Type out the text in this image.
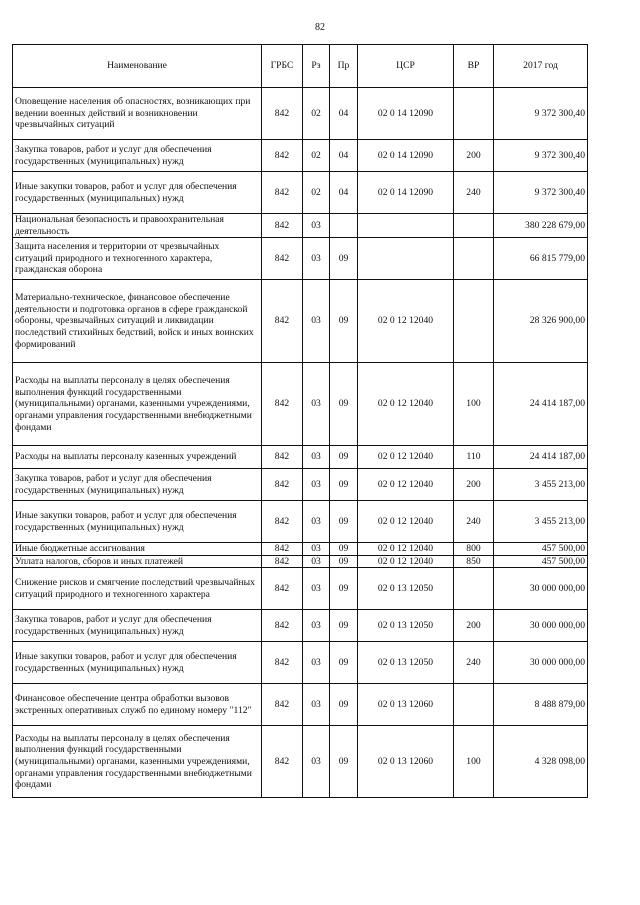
82
Наименование	ГРБС	Рз	Пр	ЦСР	ВР	2017 год
Оповещение населения об опасностях, возникающих при ведении военных действий и возникновении чрезвычайных ситуаций	842	02	04	02 0 14 12090		9 372 300,40
Закупка товаров, работ и услуг для обеспечения государственных (муниципальных) нужд	842	02	04	02 0 14 12090	200	9 372 300,40
Иные закупки товаров, работ и услуг для обеспечения государственных (муниципальных) нужд	842	02	04	02 0 14 12090	240	9 372 300,40
Национальная безопасность и правоохранительная деятельность	842	03				380 228 679,00
Защита населения и территории от чрезвычайных ситуаций природного и техногенного характера, гражданская оборона	842	03	09			66 815 779,00
Материально-техническое, финансовое обеспечение деятельности и подготовка органов в сфере гражданской обороны, чрезвычайных ситуаций и ликвидации последствий стихийных бедствий, войск и иных воинских формирований	842	03	09	02 0 12 12040		28 326 900,00
Расходы на выплаты персоналу в целях обеспечения выполнения функций государственными (муниципальными) органами, казенными учреждениями, органами управления государственными внебюджетными фондами	842	03	09	02 0 12 12040	100	24 414 187,00
Расходы на выплаты персоналу казенных учреждений	842	03	09	02 0 12 12040	110	24 414 187,00
Закупка товаров, работ и услуг для обеспечения государственных (муниципальных) нужд	842	03	09	02 0 12 12040	200	3 455 213,00
Иные закупки товаров, работ и услуг для обеспечения государственных (муниципальных) нужд	842	03	09	02 0 12 12040	240	3 455 213,00
Иные бюджетные ассигнования	842	03	09	02 0 12 12040	800	457 500,00
Уплата налогов, сборов и иных платежей	842	03	09	02 0 12 12040	850	457 500,00
Снижение рисков и смягчение последствий чрезвычайных ситуаций природного и техногенного характера	842	03	09	02 0 13 12050		30 000 000,00
Закупка товаров, работ и услуг для обеспечения государственных (муниципальных) нужд	842	03	09	02 0 13 12050	200	30 000 000,00
Иные закупки товаров, работ и услуг для обеспечения государственных (муниципальных) нужд	842	03	09	02 0 13 12050	240	30 000 000,00
Финансовое обеспечение центра обработки вызовов экстренных оперативных служб по единому номеру "112"	842	03	09	02 0 13 12060		8 488 879,00
Расходы на выплаты персоналу в целях обеспечения выполнения функций государственными (муниципальными) органами, казенными учреждениями, органами управления государственными внебюджетными фондами	842	03	09	02 0 13 12060	100	4 328 098,00
